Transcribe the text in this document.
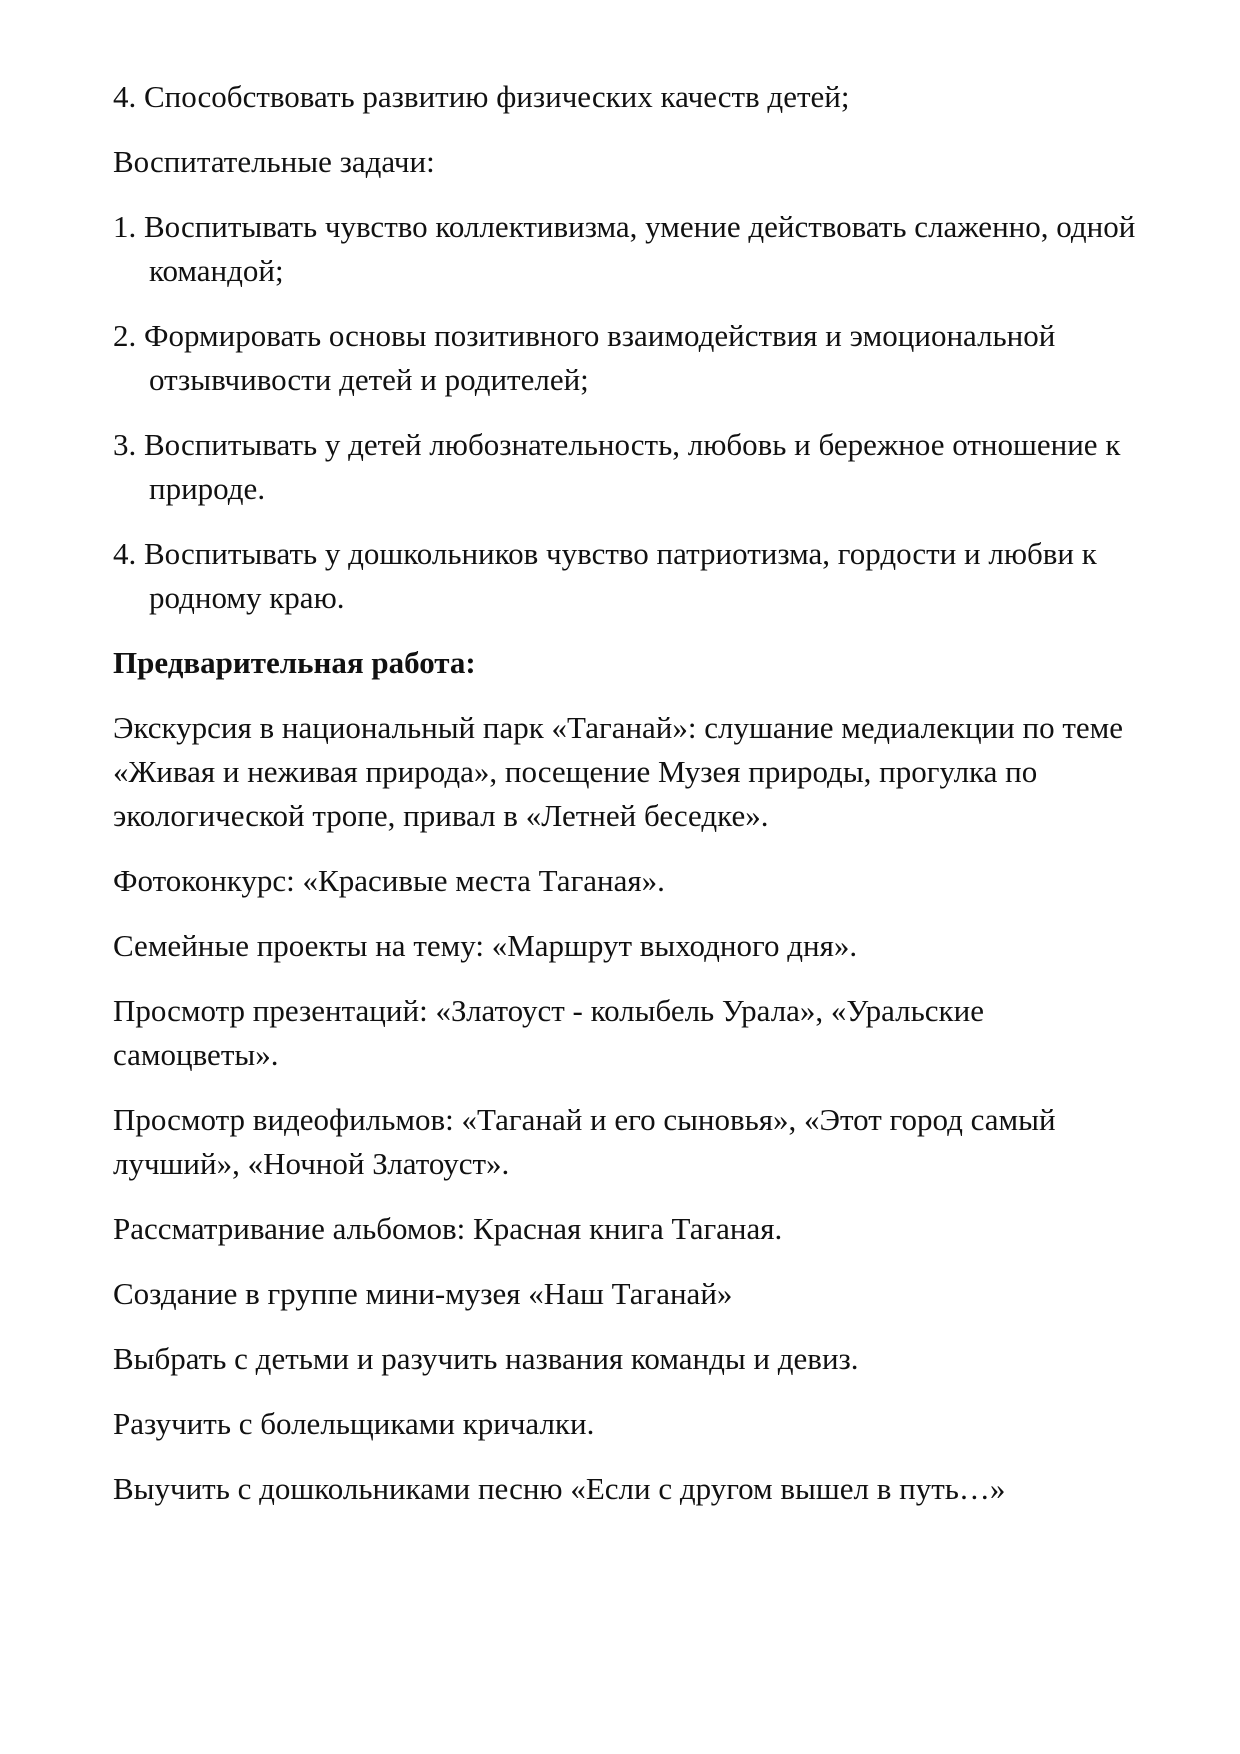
4. Способствовать развитию физических качеств детей;

Воспитательные задачи:

1. Воспитывать чувство коллективизма, умение действовать слаженно, одной командой;

2. Формировать основы позитивного взаимодействия и эмоциональной отзывчивости детей и родителей;

3. Воспитывать у детей любознательность, любовь и бережное отношение к природе.

4. Воспитывать у дошкольников чувство патриотизма, гордости и любви к родному краю.

Предварительная работа:

Экскурсия в национальный парк «Таганай»: слушание медиалекции по теме «Живая и неживая природа», посещение Музея природы, прогулка по экологической тропе, привал в «Летней беседке».

Фотоконкурс: «Красивые места Таганая».

Семейные проекты на тему: «Маршрут выходного дня».

Просмотр презентаций: «Златоуст - колыбель Урала», «Уральские самоцветы».

Просмотр видеофильмов: «Таганай и его сыновья», «Этот город самый лучший», «Ночной Златоуст».

Рассматривание альбомов: Красная книга Таганая.

Создание в группе мини-музея «Наш Таганай»

Выбрать с детьми и разучить названия команды и девиз.

Разучить с болельщиками кричалки.

Выучить с дошкольниками песню «Если с другом вышел в путь…»
